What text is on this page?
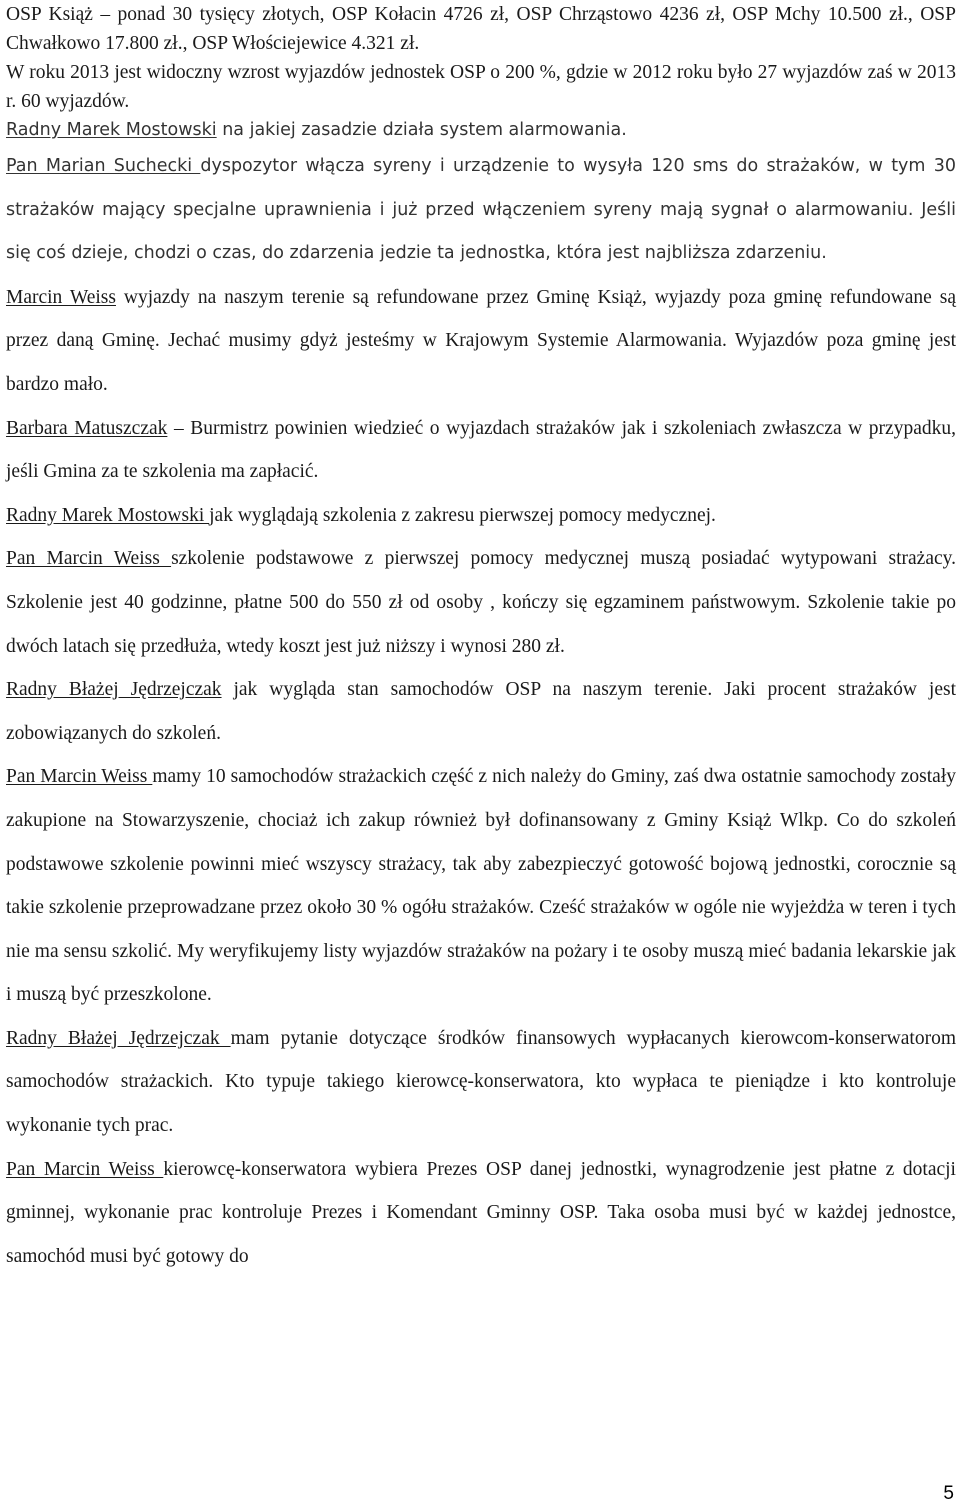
OSP Książ – ponad 30 tysięcy złotych, OSP Kołacin 4726 zł, OSP Chrząstowo 4236 zł, OSP Mchy 10.500 zł., OSP Chwałkowo 17.800 zł., OSP Włościejewice 4.321 zł.

W roku 2013 jest widoczny wzrost wyjazdów jednostek OSP o 200 %, gdzie w 2012 roku było 27 wyjazdów zaś w 2013 r. 60 wyjazdów.

Radny Marek Mostowski na jakiej zasadzie działa system alarmowania.

Pan Marian Suchecki dyspozytor włącza syreny i urządzenie to wysyła 120 sms do strażaków, w tym 30 strażaków mający specjalne uprawnienia i już przed włączeniem syreny mają sygnał o alarmowaniu. Jeśli się coś dzieje, chodzi o czas, do zdarzenia jedzie ta jednostka, która jest najbliższa zdarzeniu.

Marcin Weiss wyjazdy na naszym terenie są refundowane przez Gminę Książ, wyjazdy poza gminę refundowane są przez daną Gminę. Jechać musimy gdyż jesteśmy w Krajowym Systemie Alarmowania. Wyjazdów poza gminę jest bardzo mało.

Barbara Matuszczak – Burmistrz powinien wiedzieć o wyjazdach strażaków jak i szkoleniach zwłaszcza w przypadku, jeśli Gmina za te szkolenia ma zapłacić.

Radny Marek Mostowski jak wyglądają szkolenia z zakresu pierwszej pomocy medycznej.

Pan Marcin Weiss szkolenie podstawowe z pierwszej pomocy medycznej muszą posiadać wytypowani strażacy. Szkolenie jest 40 godzinne, płatne 500 do 550 zł od osoby , kończy się egzaminem państwowym. Szkolenie takie po dwóch latach się przedłuża, wtedy koszt jest już niższy i wynosi 280 zł.

Radny Błażej Jędrzejczak jak wygląda stan samochodów OSP na naszym terenie. Jaki procent strażaków jest zobowiązanych do szkoleń.

Pan Marcin Weiss mamy 10 samochodów strażackich część z nich należy do Gminy, zaś dwa ostatnie samochody zostały zakupione na Stowarzyszenie, chociaż ich zakup również był dofinansowany z Gminy Książ Wlkp. Co do szkoleń podstawowe szkolenie powinni mieć wszyscy strażacy, tak aby zabezpieczyć gotowość bojową jednostki, corocznie są takie szkolenie przeprowadzane przez około 30 % ogółu strażaków. Cześć strażaków w ogóle nie wyjeżdża w teren i tych nie ma sensu szkolić. My weryfikujemy listy wyjazdów strażaków na pożary i te osoby muszą mieć badania lekarskie jak i muszą być przeszkolone.

Radny Błażej Jędrzejczak mam pytanie dotyczące środków finansowych wypłacanych kierowcom-konserwatorom samochodów strażackich. Kto typuje takiego kierowcę-konserwatora, kto wypłaca te pieniądze i kto kontroluje wykonanie tych prac.

Pan Marcin Weiss kierowcę-konserwatora wybiera Prezes OSP danej jednostki, wynagrodzenie jest płatne z dotacji gminnej, wykonanie prac kontroluje Prezes i Komendant Gminny OSP. Taka osoba musi być w każdej jednostce, samochód musi być gotowy do

5
